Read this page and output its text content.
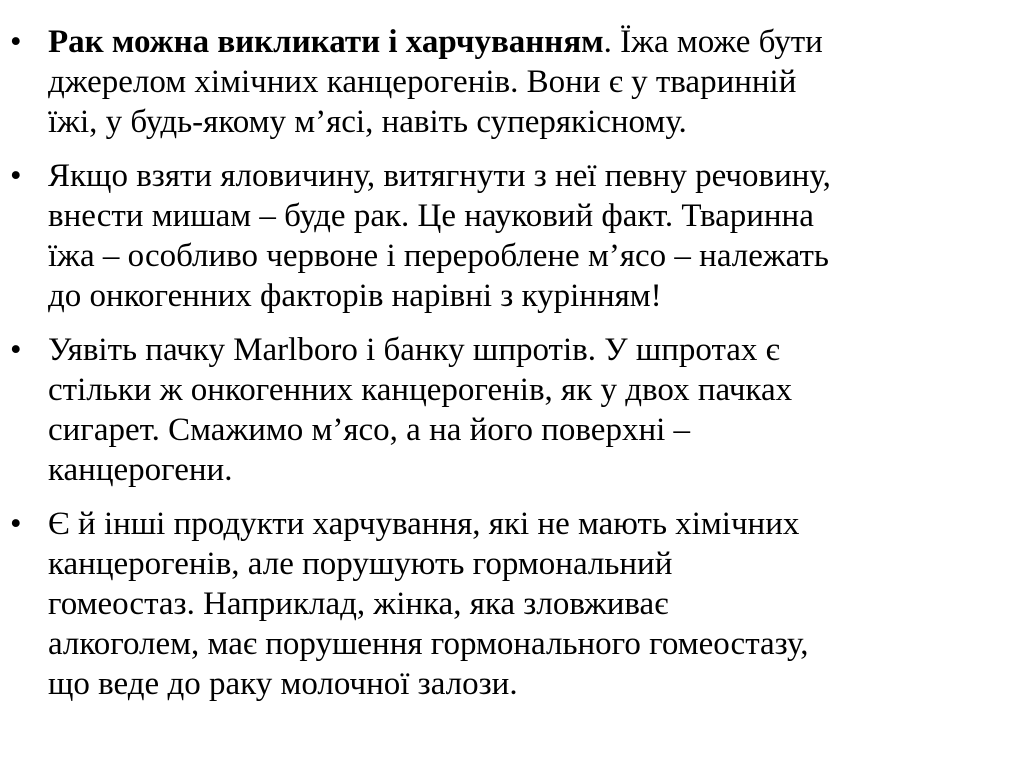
• Рак можна викликати і харчуванням. Їжа може бути
джерелом хімічних канцерогенів. Вони є у тваринній
їжі, у будь-якому м’ясі, навіть суперякісному.
• Якщо взяти яловичину, витягнути з неї певну речовину,
внести мишам – буде рак. Це науковий факт. Тваринна
їжа – особливо червоне і перероблене м’ясо – належать
до онкогенних факторів нарівні з курінням!
• Уявіть пачку Marlboro і банку шпротів. У шпротах є
стільки ж онкогенних канцерогенів, як у двох пачках
сигарет. Смажимо м’ясо, а на його поверхні –
канцерогени.
• Є й інші продукти харчування, які не мають хімічних
канцерогенів, але порушують гормональний
гомеостаз. Наприклад, жінка, яка зловживає
алкоголем, має порушення гормонального гомеостазу,
що веде до раку молочної залози.
